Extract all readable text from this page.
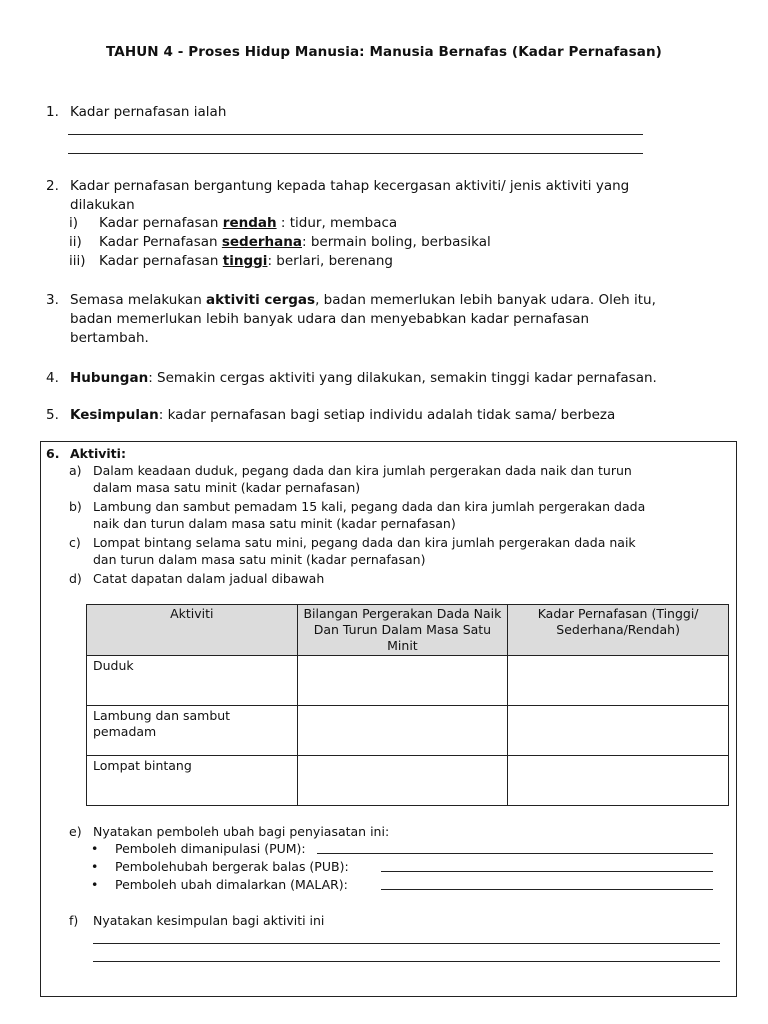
TAHUN 4 - Proses Hidup Manusia: Manusia Bernafas (Kadar Pernafasan)
1. Kadar pernafasan ialah
2. Kadar pernafasan bergantung kepada tahap kecergasan aktiviti/ jenis aktiviti yang
dilakukan
i)	Kadar pernafasan rendah : tidur, membaca
ii)	Kadar Pernafasan sederhana: bermain boling, berbasikal
iii) Kadar pernafasan tinggi: berlari, berenang
3. Semasa melakukan aktiviti cergas, badan memerlukan lebih banyak udara. Oleh itu,
badan memerlukan lebih banyak udara dan menyebabkan kadar pernafasan
bertambah.
4. Hubungan: Semakin cergas aktiviti yang dilakukan, semakin tinggi kadar pernafasan.
5. Kesimpulan: kadar pernafasan bagi setiap individu adalah tidak sama/ berbeza
6. Aktiviti:
a) Dalam keadaan duduk, pegang dada dan kira jumlah pergerakan dada naik dan turun
dalam masa satu minit (kadar pernafasan)
b) Lambung dan sambut pemadam 15 kali, pegang dada dan kira jumlah pergerakan dada
naik dan turun dalam masa satu minit (kadar pernafasan)
c) Lompat bintang selama satu mini, pegang dada dan kira jumlah pergerakan dada naik
dan turun dalam masa satu minit (kadar pernafasan)
d) Catat dapatan dalam jadual dibawah
Aktiviti	Bilangan Pergerakan Dada Naik Dan Turun Dalam Masa Satu Minit	Kadar Pernafasan (Tinggi/ Sederhana/Rendah)
Duduk		
Lambung dan sambut pemadam		
Lompat bintang		
e) Nyatakan pemboleh ubah bagi penyiasatan ini:
• Pemboleh dimanipulasi (PUM):
• Pembolehubah bergerak balas (PUB):
• Pemboleh ubah dimalarkan (MALAR):
f)	Nyatakan kesimpulan bagi aktiviti ini
